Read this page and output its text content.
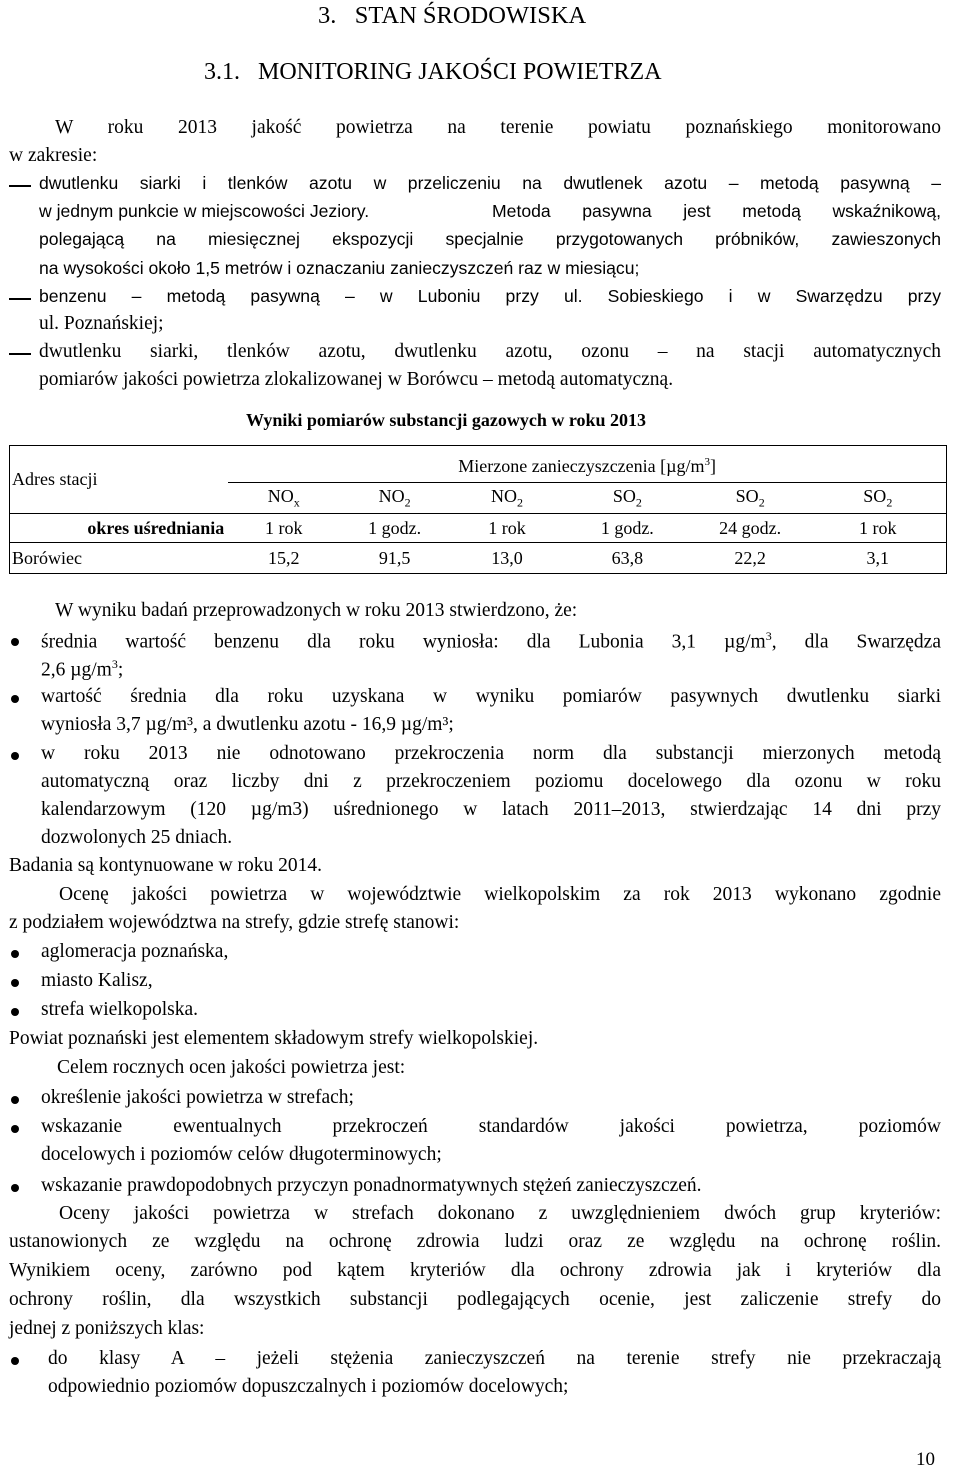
3. STAN ŚRODOWISKA
3.1. MONITORING JAKOŚCI POWIETRZA
W roku 2013 jakość powietrza na terenie powiatu poznańskiego monitorowano
w zakresie:
dwutlenku siarki i tlenków azotu w przeliczeniu na dwutlenek azotu – metodą pasywną –
w jednym punkcie w miejscowości Jeziory.	Metoda pasywna jest metodą wskaźnikową,
polegającą na miesięcznej ekspozycji specjalnie przygotowanych próbników, zawieszonych
na wysokości około 1,5 metrów i oznaczaniu zanieczyszczeń raz w miesiącu;
benzenu – metodą pasywną – w Luboniu przy ul. Sobieskiego i w Swarzędzu przy
ul. Poznańskiej;
dwutlenku siarki, tlenków azotu, dwutlenku azotu, ozonu – na stacji automatycznych
pomiarów jakości powietrza zlokalizowanej w Borówcu – metodą automatyczną.
Wyniki pomiarów substancji gazowych w roku 2013
Adres stacji	Mierzone zanieczyszczenia $[\mu g/m^3]$					
	$NO_x$	$NO_2$	$NO_2$	$SO_2$	$SO_2$	$SO_2$
okres uśredniania	1 rok	1 godz.	1 rok	1 godz.	24 godz.	1 rok
Borówiec	15,2	91,5	13,0	63,8	22,2	3,1
W wyniku badań przeprowadzonych w roku 2013 stwierdzono, że:
średnia wartość benzenu dla roku wyniosła: dla Lubonia 3,1 $\mu g/m^3$, dla Swarzędza
2,6 $\mu g/m^3$;
wartość średnia dla roku uzyskana w wyniku pomiarów pasywnych dwutlenku siarki
wyniosła 3,7 µg/m³, a dwutlenku azotu - 16,9 µg/m³;
w roku 2013 nie odnotowano przekroczenia norm dla substancji mierzonych metodą
automatyczną oraz liczby dni z przekroczeniem poziomu docelowego dla ozonu w roku
kalendarzowym (120 µg/m3) uśrednionego w latach 2011–2013, stwierdzając 14 dni przy
dozwolonych 25 dniach.
Badania są kontynuowane w roku 2014.
Ocenę jakości powietrza w województwie wielkopolskim za rok 2013 wykonano zgodnie
z podziałem województwa na strefy, gdzie strefę stanowi:
aglomeracja poznańska,
miasto Kalisz,
strefa wielkopolska.
Powiat poznański jest elementem składowym strefy wielkopolskiej.
Celem rocznych ocen jakości powietrza jest:
określenie jakości powietrza w strefach;
wskazanie ewentualnych przekroczeń standardów jakości powietrza, poziomów
docelowych i poziomów celów długoterminowych;
wskazanie prawdopodobnych przyczyn ponadnormatywnych stężeń zanieczyszczeń.
Oceny jakości powietrza w strefach dokonano z uwzględnieniem dwóch grup kryteriów:
ustanowionych ze względu na ochronę zdrowia ludzi oraz ze względu na ochronę roślin.
Wynikiem oceny, zarówno pod kątem kryteriów dla ochrony zdrowia jak i kryteriów dla
ochrony roślin, dla wszystkich substancji podlegających ocenie, jest zaliczenie strefy do
jednej z poniższych klas:
do klasy A – jeżeli stężenia zanieczyszczeń na terenie strefy nie przekraczają
odpowiednio poziomów dopuszczalnych i poziomów docelowych;
10
